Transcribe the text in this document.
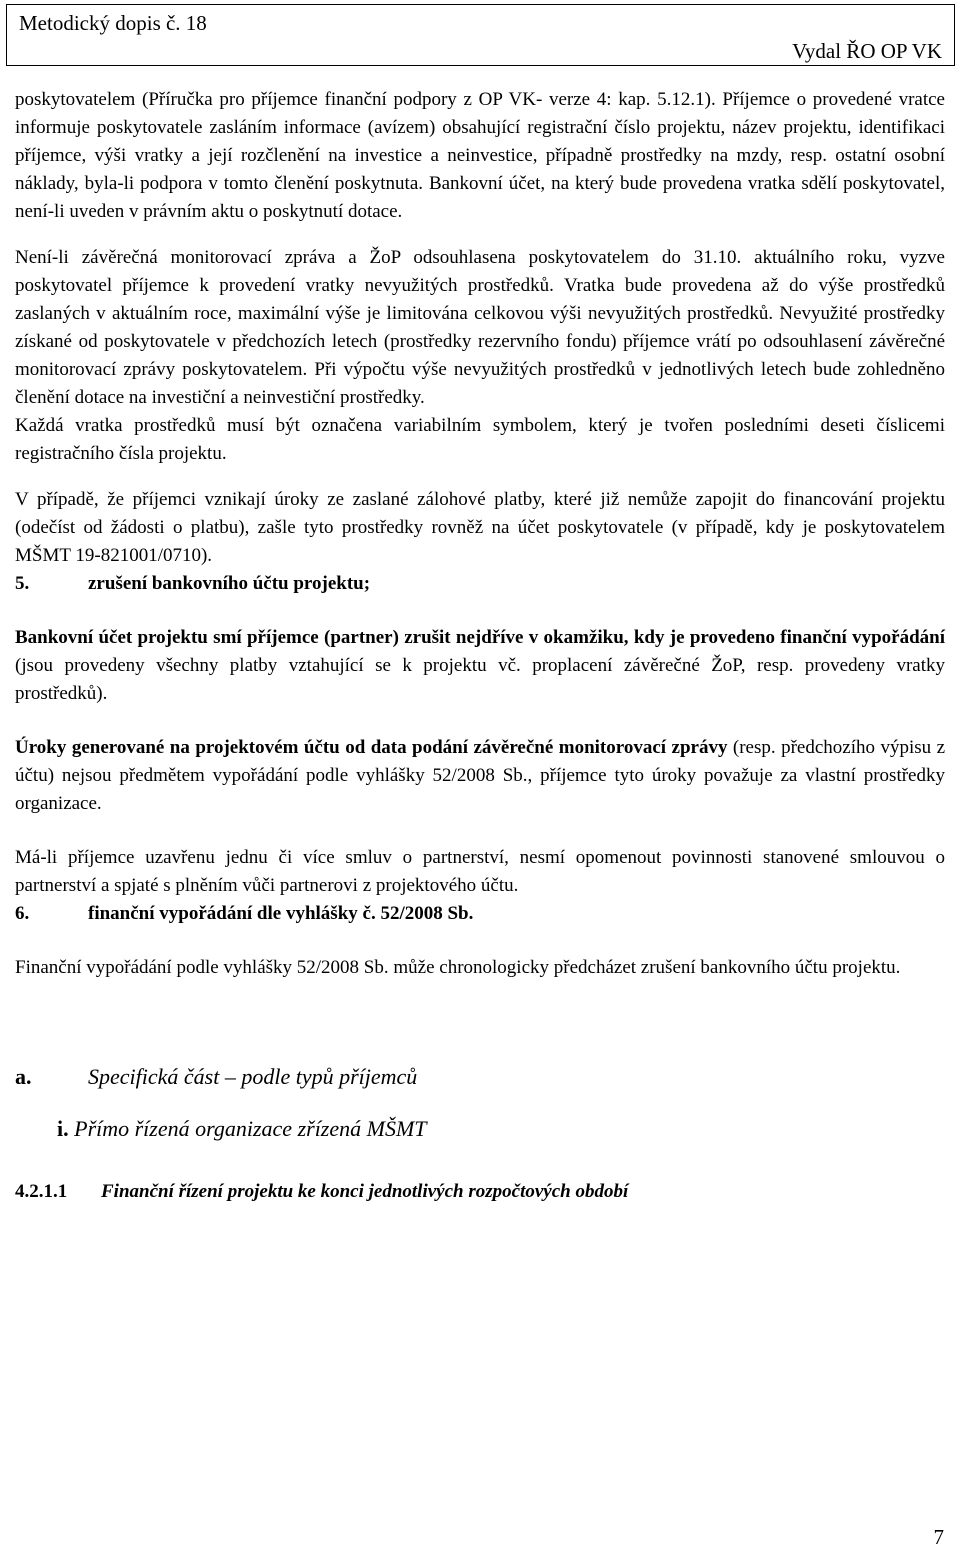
Metodický dopis č. 18
Vydal ŘO OP VK

poskytovatelem (Příručka pro příjemce finanční podpory z OP VK- verze 4: kap. 5.12.1). Příjemce o provedené vratce informuje poskytovatele zasláním informace (avízem) obsahující registrační číslo projektu, název projektu, identifikaci příjemce, výši vratky a její rozčlenění na investice a neinvestice, případně prostředky na mzdy, resp. ostatní osobní náklady, byla-li podpora v tomto členění poskytnuta. Bankovní účet, na který bude provedena vratka sdělí poskytovatel, není-li uveden v právním aktu o poskytnutí dotace.

Není-li závěrečná monitorovací zpráva a ŽoP odsouhlasena poskytovatelem do 31.10. aktuálního roku, vyzve poskytovatel příjemce k provedení vratky nevyužitých prostředků. Vratka bude provedena až do výše prostředků zaslaných v aktuálním roce, maximální výše je limitována celkovou výši nevyužitých prostředků. Nevyužité prostředky získané od poskytovatele v předchozích letech (prostředky rezervního fondu) příjemce vrátí po odsouhlasení závěrečné monitorovací zprávy poskytovatelem. Při výpočtu výše nevyužitých prostředků v jednotlivých letech bude zohledněno členění dotace na investiční a neinvestiční prostředky.

Každá vratka prostředků musí být označena variabilním symbolem, který je tvořen posledními deseti číslicemi registračního čísla projektu.

V případě, že příjemci vznikají úroky ze zaslané zálohové platby, které již nemůže zapojit do financování projektu (odečíst od žádosti o platbu), zašle tyto prostředky rovněž na účet poskytovatele (v případě, kdy je poskytovatelem MŠMT 19-821001/0710).

5.	zrušení bankovního účtu projektu;

Bankovní účet projektu smí příjemce (partner) zrušit nejdříve v okamžiku, kdy je provedeno finanční vypořádání (jsou provedeny všechny platby vztahující se k projektu vč. proplacení závěrečné ŽoP, resp. provedeny vratky prostředků).

Úroky generované na projektovém účtu od data podání závěrečné monitorovací zprávy (resp. předchozího výpisu z účtu) nejsou předmětem vypořádání podle vyhlášky 52/2008 Sb., příjemce tyto úroky považuje za vlastní prostředky organizace.

Má-li příjemce uzavřenu jednu či více smluv o partnerství, nesmí opomenout povinnosti stanovené smlouvou o partnerství a spjaté s plněním vůči partnerovi z projektového účtu.

6.	finanční vypořádání dle vyhlášky č. 52/2008 Sb.

Finanční vypořádání podle vyhlášky 52/2008 Sb. může chronologicky předcházet zrušení bankovního účtu projektu.

a.	Specifická část – podle typů příjemců

i. Přímo řízená organizace zřízená MŠMT

4.2.1.1 Finanční řízení projektu ke konci jednotlivých rozpočtových období

7
